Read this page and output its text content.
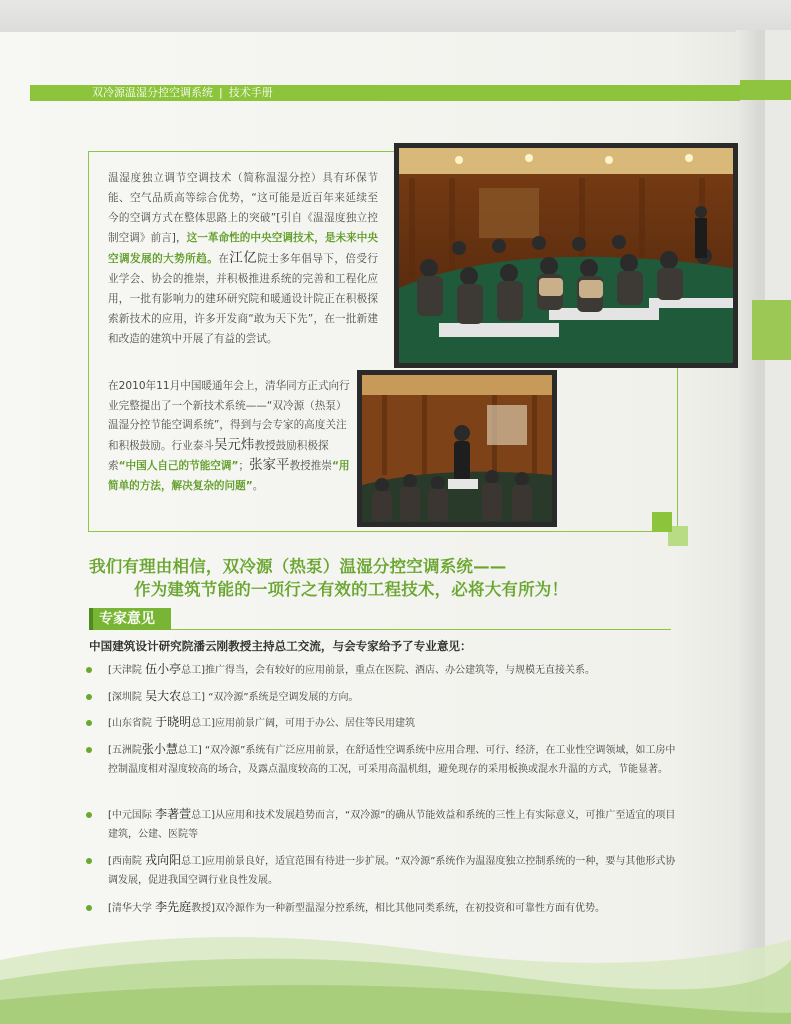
双冷源温湿分控空调系统 | 技术手册
温湿度独立调节空调技术（简称温湿分控）具有环保节能、空气品质高等综合优势，“这可能是近百年来延续至今的空调方式在整体思路上的突破”[引自《温湿度独立控制空调》前言]，这一革命性的中央空调技术，是未来中央空调发展的大势所趋。在江亿院士多年倡导下，倍受行业学会、协会的推崇，并积极推进系统的完善和工程化应用，一批有影响力的建环研究院和暖通设计院正在积极探索新技术的应用，许多开发商“敢为天下先”，在一批新建和改造的建筑中开展了有益的尝试。
在2010年11月中国暖通年会上，清华同方正式向行业完整提出了一个新技术系统——“双冷源（热泵）温湿分控节能空调系统”，得到与会专家的高度关注和积极鼓励。行业泰斗吴元炜教授鼓励积极探索“中国人自己的节能空调”；张家平教授推崇“用简单的方法，解决复杂的问题”。
我们有理由相信，双冷源（热泵）温湿分控空调系统——
作为建筑节能的一项行之有效的工程技术，必将大有所为！
专家意见
中国建筑设计研究院潘云刚教授主持总工交流，与会专家给予了专业意见：
[天津院 伍小亭总工]推广得当，会有较好的应用前景，重点在医院、酒店、办公建筑等，与规模无直接关系。
[深圳院 吴大农总工] “双冷源”系统是空调发展的方向。
[山东省院 于晓明总工]应用前景广阔，可用于办公、居住等民用建筑
[五洲院张小慧总工] “双冷源”系统有广泛应用前景，在舒适性空调系统中应用合理、可行、经济，在工业性空调领域，如工房中控制温度相对湿度较高的场合，及露点温度较高的工况，可采用高温机组，避免现存的采用板换或混水升温的方式，节能显著。
[中元国际 李著萱总工]从应用和技术发展趋势而言，“双冷源”的确从节能效益和系统的三性上有实际意义，可推广至适宜的项目建筑，公建、医院等
[西南院 戎向阳总工]应用前景良好，适宜范围有待进一步扩展。“双冷源”系统作为温湿度独立控制系统的一种，要与其他形式协调发展，促进我国空调行业良性发展。
[清华大学 李先庭教授]双冷源作为一种新型温湿分控系统，相比其他同类系统，在初投资和可靠性方面有优势。
